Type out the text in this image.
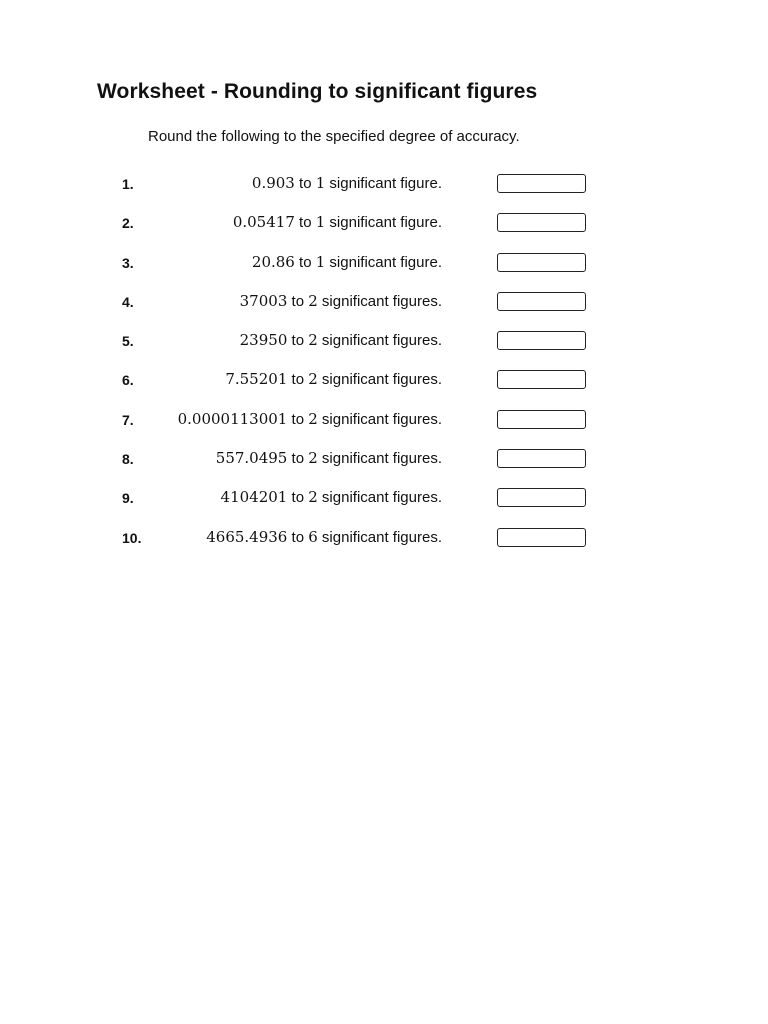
Worksheet - Rounding to significant figures
Round the following to the specified degree of accuracy.
1.	0.903 to 1 significant figure.
2.	0.05417 to 1 significant figure.
3.	20.86 to 1 significant figure.
4.	37003 to 2 significant figures.
5.	23950 to 2 significant figures.
6.	7.55201 to 2 significant figures.
7.	0.0000113001 to 2 significant figures.
8.	557.0495 to 2 significant figures.
9.	4104201 to 2 significant figures.
10.	4665.4936 to 6 significant figures.
